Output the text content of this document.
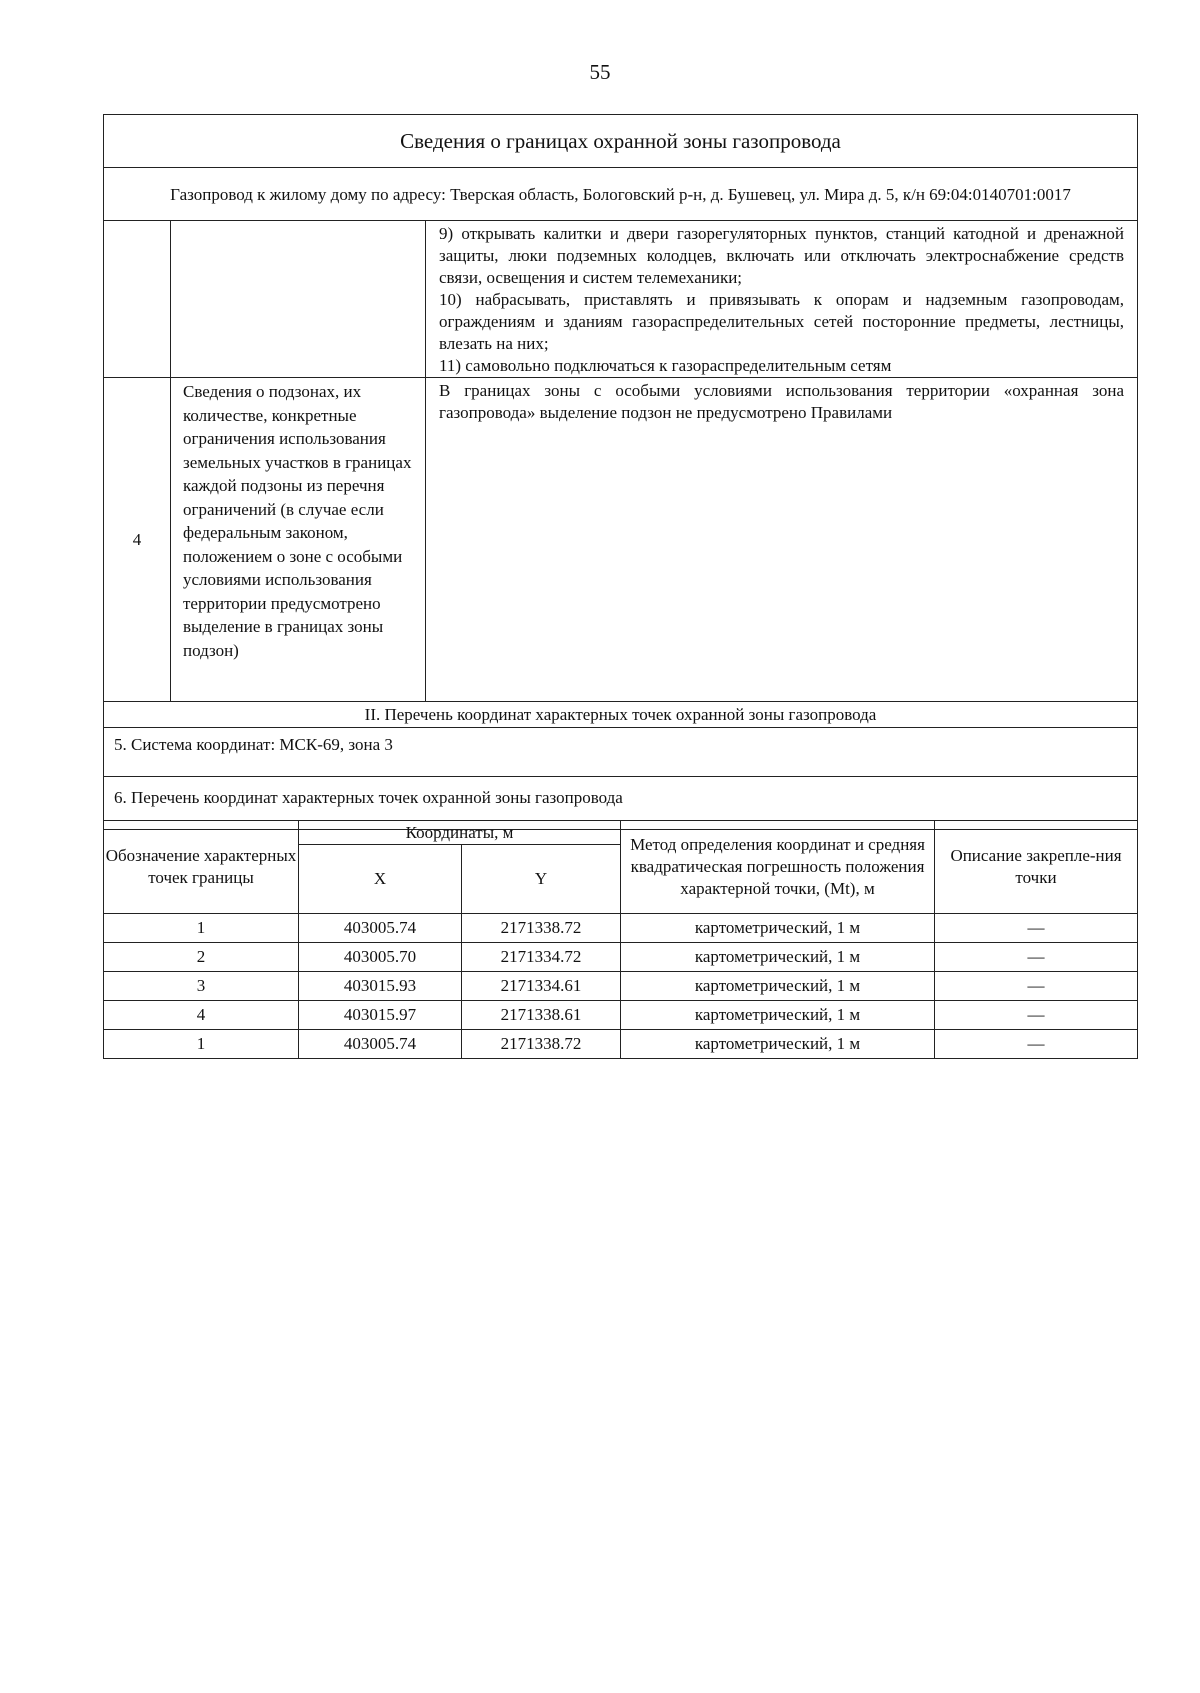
55
Сведения о границах охранной зоны газопровода		
Газопровод к жилому дому по адресу: Тверская область, Бологовский р-н, д. Бушевец, ул. Мира д. 5, к/н 69:04:0140701:0017		

		9) открывать калитки и двери газорегуляторных пунктов, станций катодной и дренажной защиты, люки подземных колодцев, включать или отключать электроснабжение средств связи, освещения и систем телемеханики;
10) набрасывать, приставлять и привязывать к опорам и надземным газопроводам, ограждениям и зданиям газораспределительных сетей посторонние предметы, лестницы, влезать на них;
11) самовольно подключаться к газораспределительным сетям

4	Сведения о подзонах, их количестве, конкретные ограничения использования земельных участков в границах каждой подзоны из перечня ограничений (в случае если федеральным законом, положением о зоне с особыми условиями использования территории предусмотрено выделение в границах зоны подзон)	В границах зоны с особыми условиями использования территории «охранная зона газопровода» выделение подзон не предусмотрено Правилами
II. Перечень координат характерных точек охранной зоны газопровода		
5. Система координат: МСК-69, зона 3		
6. Перечень координат характерных точек охранной зоны газопровода		
Обозначение характерных точек границы	Координаты, м		Метод определения координат и средняя квадратическая погрешность положения характерной точки, (Mt), м	Описание закрепле-ния точки
	X	Y		
1	403005.74	2171338.72	картометрический, 1 м	—
2	403005.70	2171334.72	картометрический, 1 м	—
3	403015.93	2171334.61	картометрический, 1 м	—
4	403015.97	2171338.61	картометрический, 1 м	—
1	403005.74	2171338.72	картометрический, 1 м	—
